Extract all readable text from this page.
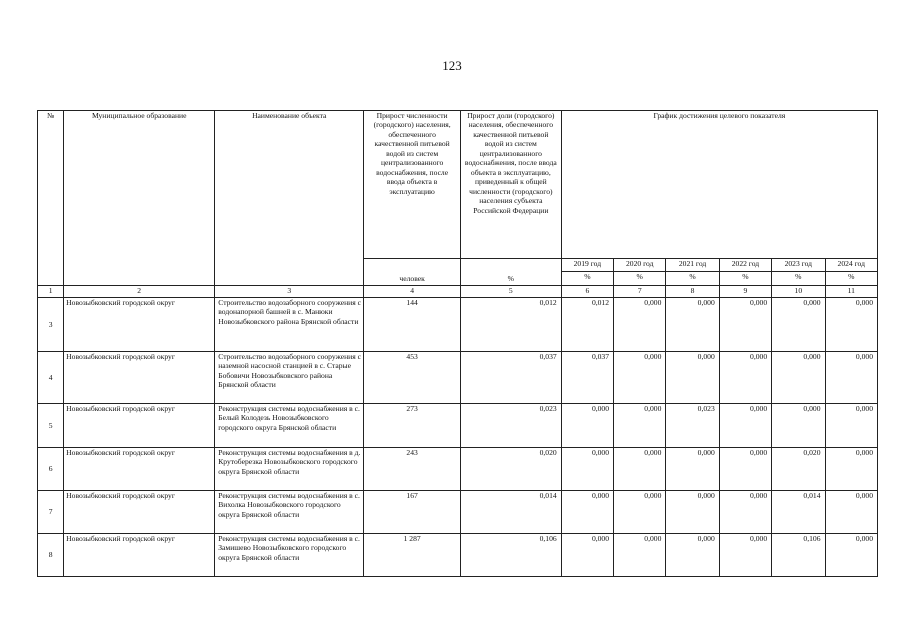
123
№	Муниципальное образование	Наименование объекта	Прирост численности (городского) населения, обеспеченного качественной питьевой водой из систем централизованного водоснабжения, после ввода объекта в эксплуатацию	Прирост доли (городского) населения, обеспеченного качественной питьевой водой из систем централизованного водоснабжения, после ввода объекта в эксплуатацию, приведенный к общей численности (городского) населения субъекта Российской Федерации	График достижения целевого показателя					
			человек	%	2019 год	2020 год	2021 год	2022 год	2023 год	2024 год
					%	%	%	%	%	%
1	2	3	4	5	6	7	8	9	10	11
3	Новозыбковский городской округ	Строительство водозаборного сооружения с водонапорной башней в с. Манюки Новозыбковского района Брянской области	144	0,012	0,012	0,000	0,000	0,000	0,000	0,000
4	Новозыбковский городской округ	Строительство водозаборного сооружения с наземной насосной станцией в с. Старые Бобовичи Новозыбковского района Брянской области	453	0,037	0,037	0,000	0,000	0,000	0,000	0,000
5	Новозыбковский городской округ	Реконструкция системы водоснабжения в с. Белый Колодезь Новозыбковского городского округа Брянской области	273	0,023	0,000	0,000	0,023	0,000	0,000	0,000
6	Новозыбковский городской округ	Реконструкция системы водоснабжения в д. Крутоберезка Новозыбковского городского округа Брянской области	243	0,020	0,000	0,000	0,000	0,000	0,020	0,000
7	Новозыбковский городской округ	Реконструкция системы водоснабжения в с. Вихолка Новозыбковского городского округа Брянской области	167	0,014	0,000	0,000	0,000	0,000	0,014	0,000
8	Новозыбковский городской округ	Реконструкция системы водоснабжения в с. Замишево Новозыбковского городского округа Брянской области	1 287	0,106	0,000	0,000	0,000	0,000	0,106	0,000
